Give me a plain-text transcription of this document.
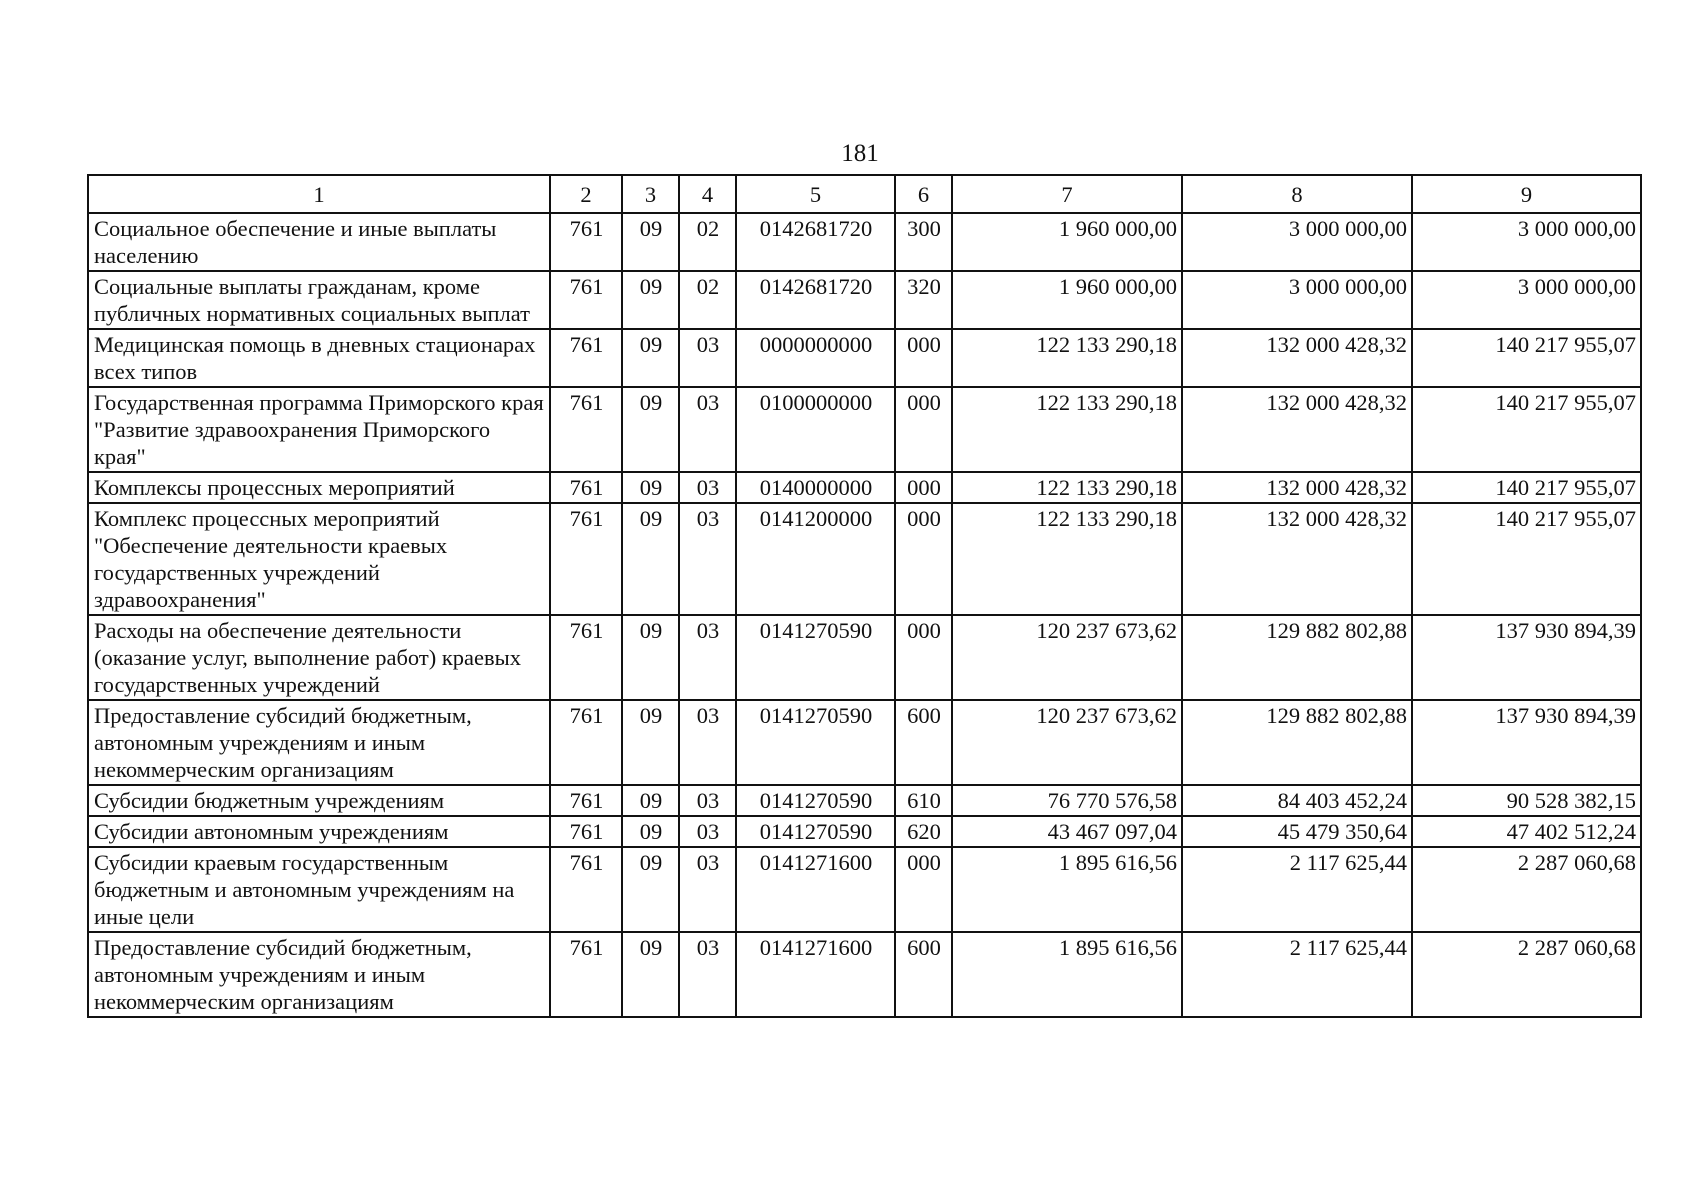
181
1	2	3	4	5	6	7	8	9
Социальное обеспечение и иные выплаты населению	761	09	02	0142681720	300	1 960 000,00	3 000 000,00	3 000 000,00
Социальные выплаты гражданам, кроме публичных нормативных социальных выплат	761	09	02	0142681720	320	1 960 000,00	3 000 000,00	3 000 000,00
Медицинская помощь в дневных стационарах всех типов	761	09	03	0000000000	000	122 133 290,18	132 000 428,32	140 217 955,07
Государственная программа Приморского края "Развитие здравоохранения Приморского края"	761	09	03	0100000000	000	122 133 290,18	132 000 428,32	140 217 955,07
Комплексы процессных мероприятий	761	09	03	0140000000	000	122 133 290,18	132 000 428,32	140 217 955,07
Комплекс процессных мероприятий "Обеспечение деятельности краевых государственных учреждений здравоохранения"	761	09	03	0141200000	000	122 133 290,18	132 000 428,32	140 217 955,07
Расходы на обеспечение деятельности (оказание услуг, выполнение работ) краевых государственных учреждений	761	09	03	0141270590	000	120 237 673,62	129 882 802,88	137 930 894,39
Предоставление субсидий бюджетным, автономным учреждениям и иным некоммерческим организациям	761	09	03	0141270590	600	120 237 673,62	129 882 802,88	137 930 894,39
Субсидии бюджетным учреждениям	761	09	03	0141270590	610	76 770 576,58	84 403 452,24	90 528 382,15
Субсидии автономным учреждениям	761	09	03	0141270590	620	43 467 097,04	45 479 350,64	47 402 512,24
Субсидии краевым государственным бюджетным и автономным учреждениям на иные цели	761	09	03	0141271600	000	1 895 616,56	2 117 625,44	2 287 060,68
Предоставление субсидий бюджетным, автономным учреждениям и иным некоммерческим организациям	761	09	03	0141271600	600	1 895 616,56	2 117 625,44	2 287 060,68
